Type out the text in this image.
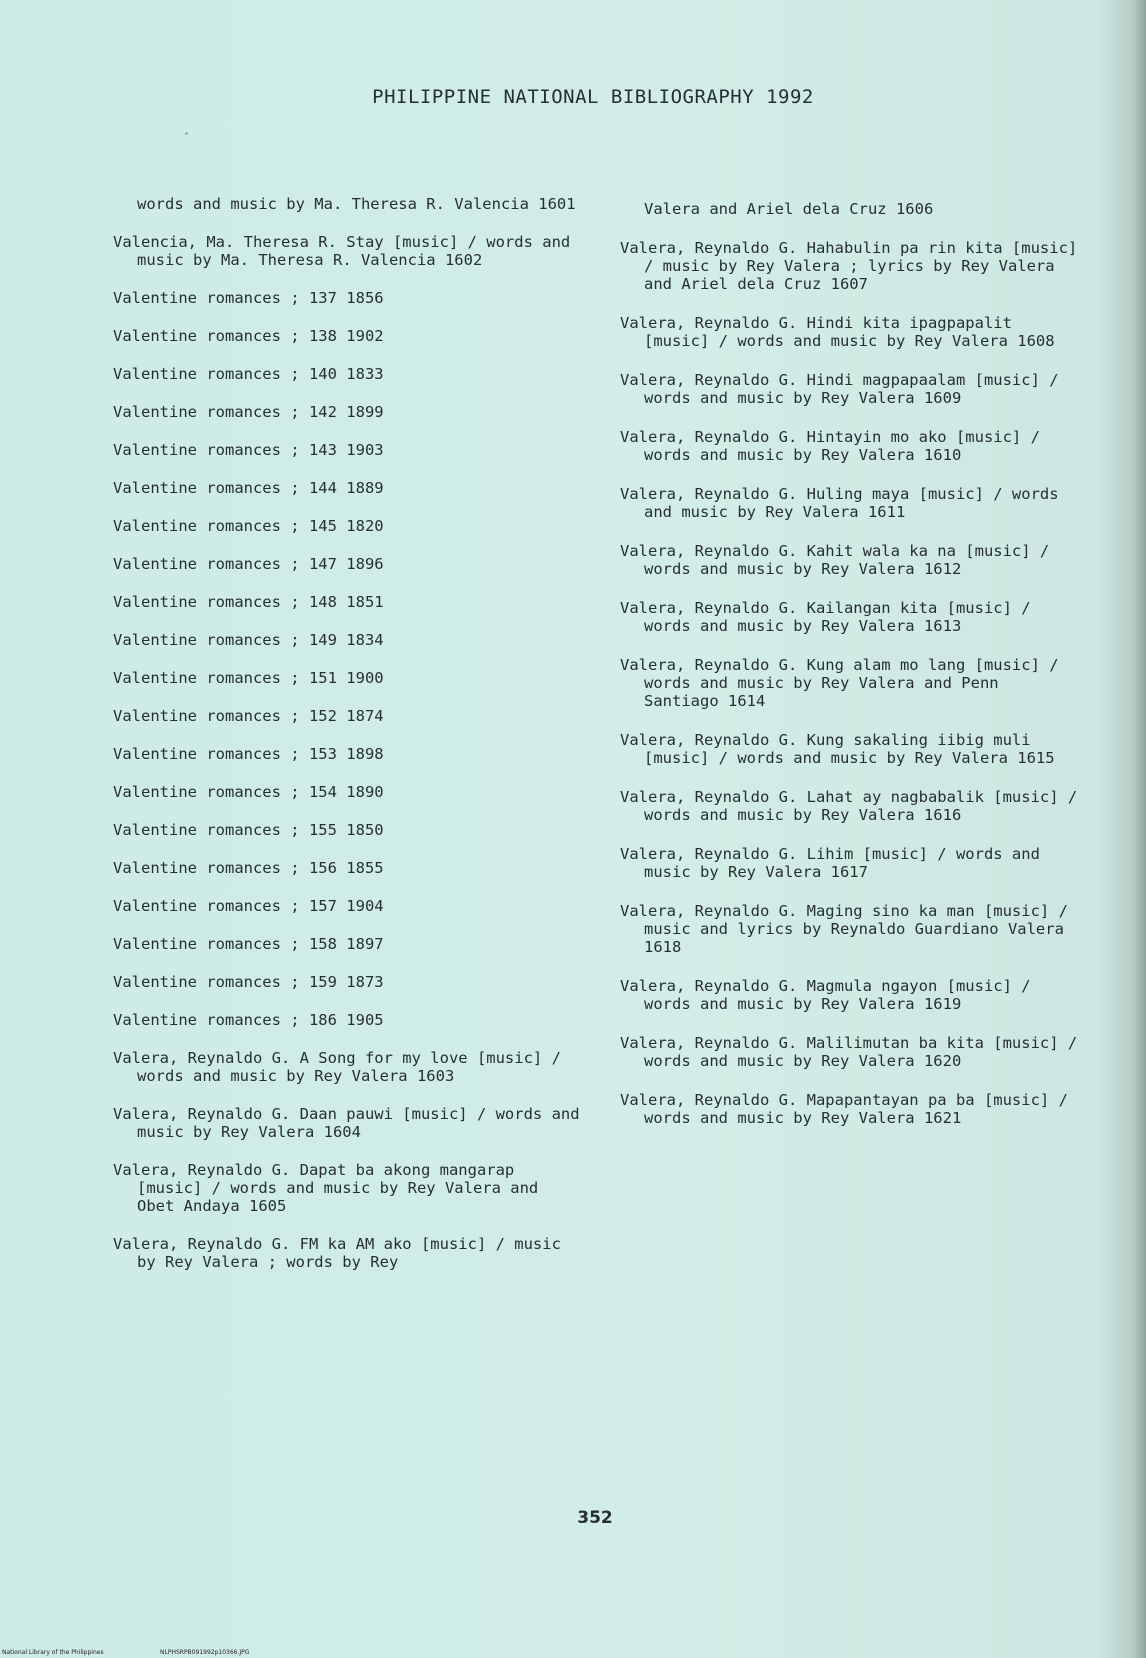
PHILIPPINE NATIONAL BIBLIOGRAPHY 1992
words and music by Ma. Theresa R. Valencia 1601
Valencia, Ma. Theresa R. Stay [music] / words and music by Ma. Theresa R. Valencia 1602
Valentine romances ; 137 1856
Valentine romances ; 138 1902
Valentine romances ; 140 1833
Valentine romances ; 142 1899
Valentine romances ; 143 1903
Valentine romances ; 144 1889
Valentine romances ; 145 1820
Valentine romances ; 147 1896
Valentine romances ; 148 1851
Valentine romances ; 149 1834
Valentine romances ; 151 1900
Valentine romances ; 152 1874
Valentine romances ; 153 1898
Valentine romances ; 154 1890
Valentine romances ; 155 1850
Valentine romances ; 156 1855
Valentine romances ; 157 1904
Valentine romances ; 158 1897
Valentine romances ; 159 1873
Valentine romances ; 186 1905
Valera, Reynaldo G. A Song for my love [music] / words and music by Rey Valera 1603
Valera, Reynaldo G. Daan pauwi [music] / words and music by Rey Valera 1604
Valera, Reynaldo G. Dapat ba akong mangarap [music] / words and music by Rey Valera and Obet Andaya 1605
Valera, Reynaldo G. FM ka AM ako [music] / music by Rey Valera ; words by Rey
Valera and Ariel dela Cruz 1606
Valera, Reynaldo G. Hahabulin pa rin kita [music] / music by Rey Valera ; lyrics by Rey Valera and Ariel dela Cruz 1607
Valera, Reynaldo G. Hindi kita ipagpapalit [music] / words and music by Rey Valera 1608
Valera, Reynaldo G. Hindi magpapaalam [music] / words and music by Rey Valera 1609
Valera, Reynaldo G. Hintayin mo ako [music] / words and music by Rey Valera 1610
Valera, Reynaldo G. Huling maya [music] / words and music by Rey Valera 1611
Valera, Reynaldo G. Kahit wala ka na [music] / words and music by Rey Valera 1612
Valera, Reynaldo G. Kailangan kita [music] / words and music by Rey Valera 1613
Valera, Reynaldo G. Kung alam mo lang [music] / words and music by Rey Valera and Penn Santiago 1614
Valera, Reynaldo G. Kung sakaling iibig muli [music] / words and music by Rey Valera 1615
Valera, Reynaldo G. Lahat ay nagbabalik [music] / words and music by Rey Valera 1616
Valera, Reynaldo G. Lihim [music] / words and music by Rey Valera 1617
Valera, Reynaldo G. Maging sino ka man [music] / music and lyrics by Reynaldo Guardiano Valera 1618
Valera, Reynaldo G. Magmula ngayon [music] / words and music by Rey Valera 1619
Valera, Reynaldo G. Malilimutan ba kita [music] / words and music by Rey Valera 1620
Valera, Reynaldo G. Mapapantayan pa ba [music] / words and music by Rey Valera 1621
352
National Library of the Philippines	NLPHSRPB091992p10366.JPG
